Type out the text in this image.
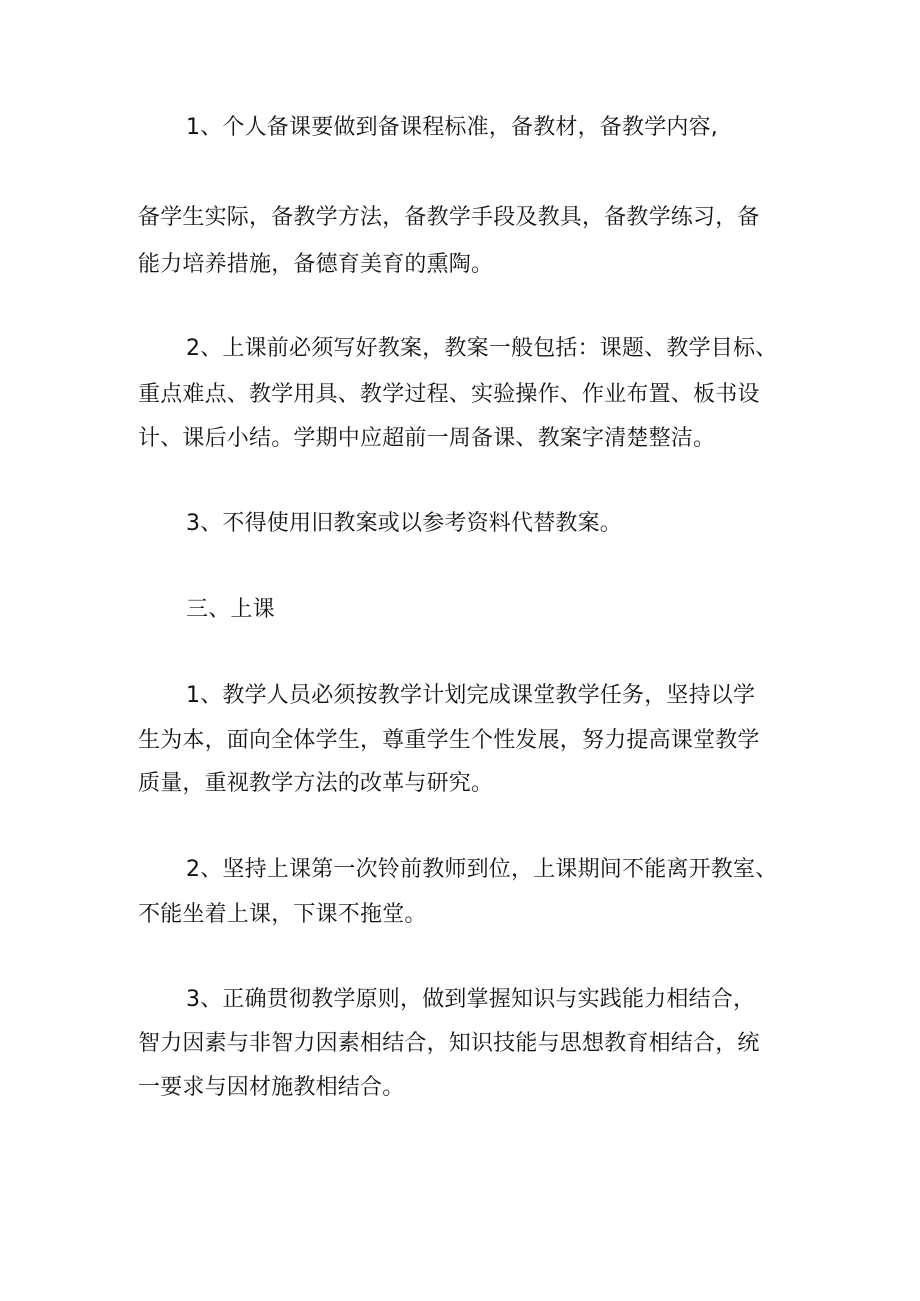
1、个人备课要做到备课程标准，备教材，备教学内容,
备学生实际，备教学方法，备教学手段及教具，备教学练习，备
能力培养措施，备德育美育的熏陶。
2、上课前必须写好教案，教案一般包括：课题、教学目标、
重点难点、教学用具、教学过程、实验操作、作业布置、板书设
计、课后小结。学期中应超前一周备课、教案字清楚整洁。
3、不得使用旧教案或以参考资料代替教案。
三、上课
1、教学人员必须按教学计划完成课堂教学任务，坚持以学
生为本，面向全体学生，尊重学生个性发展，努力提高课堂教学
质量，重视教学方法的改革与研究。
2、坚持上课第一次铃前教师到位，上课期间不能离开教室、
不能坐着上课，下课不拖堂。
3、正确贯彻教学原则，做到掌握知识与实践能力相结合，
智力因素与非智力因素相结合，知识技能与思想教育相结合，统
一要求与因材施教相结合。
